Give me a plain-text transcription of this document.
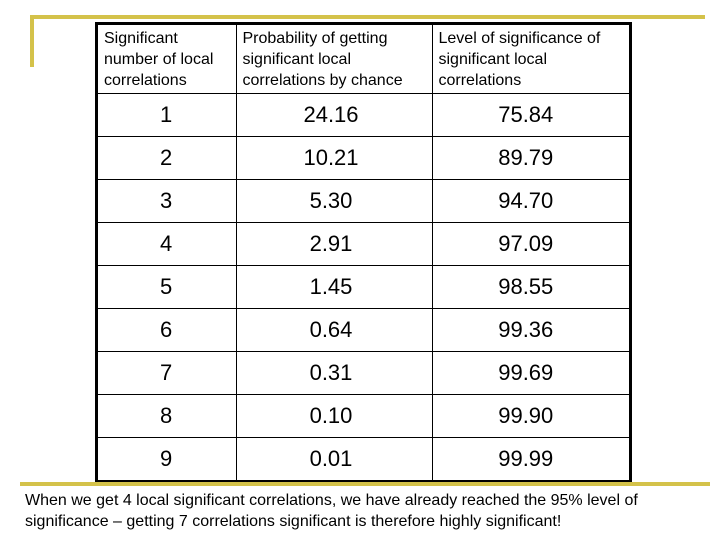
Significant number of local correlations	Probability of getting significant local correlations by chance	Level of significance of significant local correlations
1	24.16	75.84
2	10.21	89.79
3	5.30	94.70
4	2.91	97.09
5	1.45	98.55
6	0.64	99.36
7	0.31	99.69
8	0.10	99.90
9	0.01	99.99
When we get 4 local significant correlations, we have already reached the 95% level of significance – getting 7 correlations significant is therefore highly significant!
